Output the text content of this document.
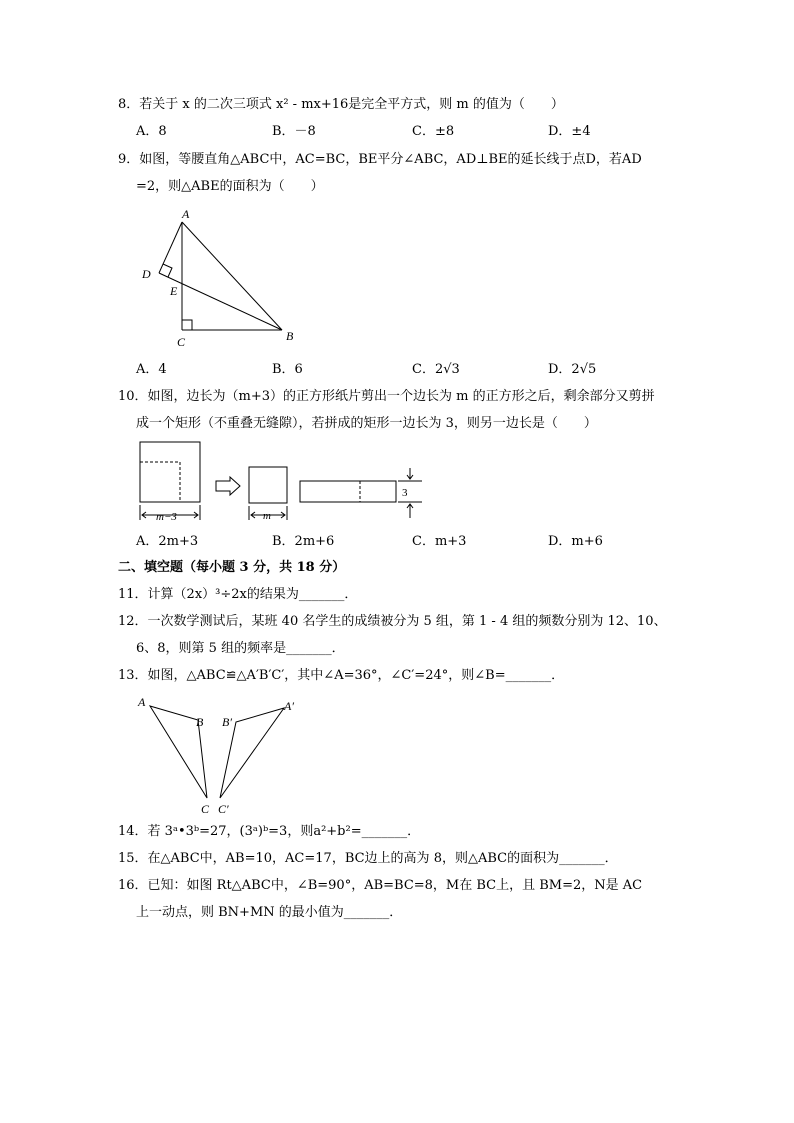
8．若关于 x 的二次三项式 x² - mx+16是完全平方式，则 m 的值为（　　）
A．8	B．－8	C．±8	D．±4
9．如图，等腰直角△ABC中，AC=BC，BE平分∠ABC，AD⊥BE的延长线于点D，若AD
=2，则△ABE的面积为（　　）
A
D
E
C	B
A．4	B．6	C．2√3	D．2√5
10．如图，边长为（m+3）的正方形纸片剪出一个边长为 m 的正方形之后，剩余部分又剪拼
成一个矩形（不重叠无缝隙），若拼成的矩形一边长为 3，则另一边长是（　　）
m−3	m
3
A．2m+3	B．2m+6	C．m+3	D．m+6
二、填空题（每小题 3 分，共 18 分）
11．计算（2x）³÷2x的结果为_______．
12．一次数学测试后，某班 40 名学生的成绩被分为 5 组，第 1 - 4 组的频数分别为 12、10、
6、8，则第 5 组的频率是_______．
13．如图，△ABC≌△A′B′C′，其中∠A=36°，∠C′=24°，则∠B=_______．
A
B
C
A′
B′
C′
14．若 3ᵃ•3ᵇ=27，(3ᵃ)ᵇ=3，则a²+b²=_______．
15．在△ABC中，AB=10，AC=17，BC边上的高为 8，则△ABC的面积为_______．
16．已知：如图 Rt△ABC中，∠B=90°，AB=BC=8，M在 BC上，且 BM=2，N是 AC
上一动点，则 BN+MN 的最小值为_______．
